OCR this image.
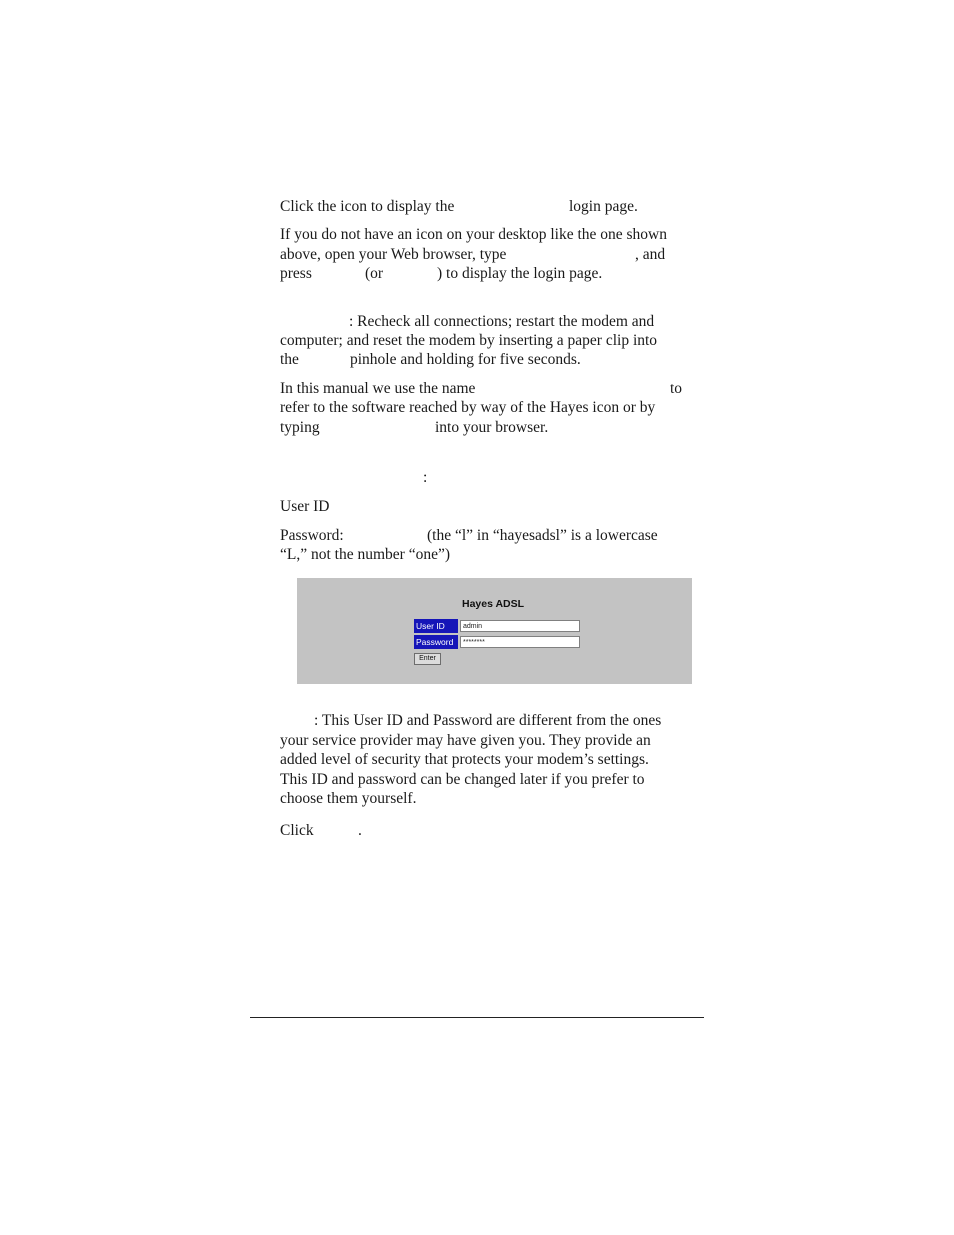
Click the icon to display the	login page.
If you do not have an icon on your desktop like the one shown
above, open your Web browser, type	, and
press	(or	) to display the login page.
: Recheck all connections; restart the modem and
computer; and reset the modem by inserting a paper clip into
the	pinhole and holding for five seconds.
In this manual we use the name	to
refer to the software reached by way of the Hayes icon or by
typing	into your browser.
:
User ID
Password:	(the “l” in “hayesadsl” is a lowercase
“L,” not the number “one”)
Hayes ADSL
User ID	admin
Password	********
Enter
: This User ID and Password are different from the ones
your service provider may have given you. They provide an
added level of security that protects your modem’s settings.
This ID and password can be changed later if you prefer to
choose them yourself.
Click	.
